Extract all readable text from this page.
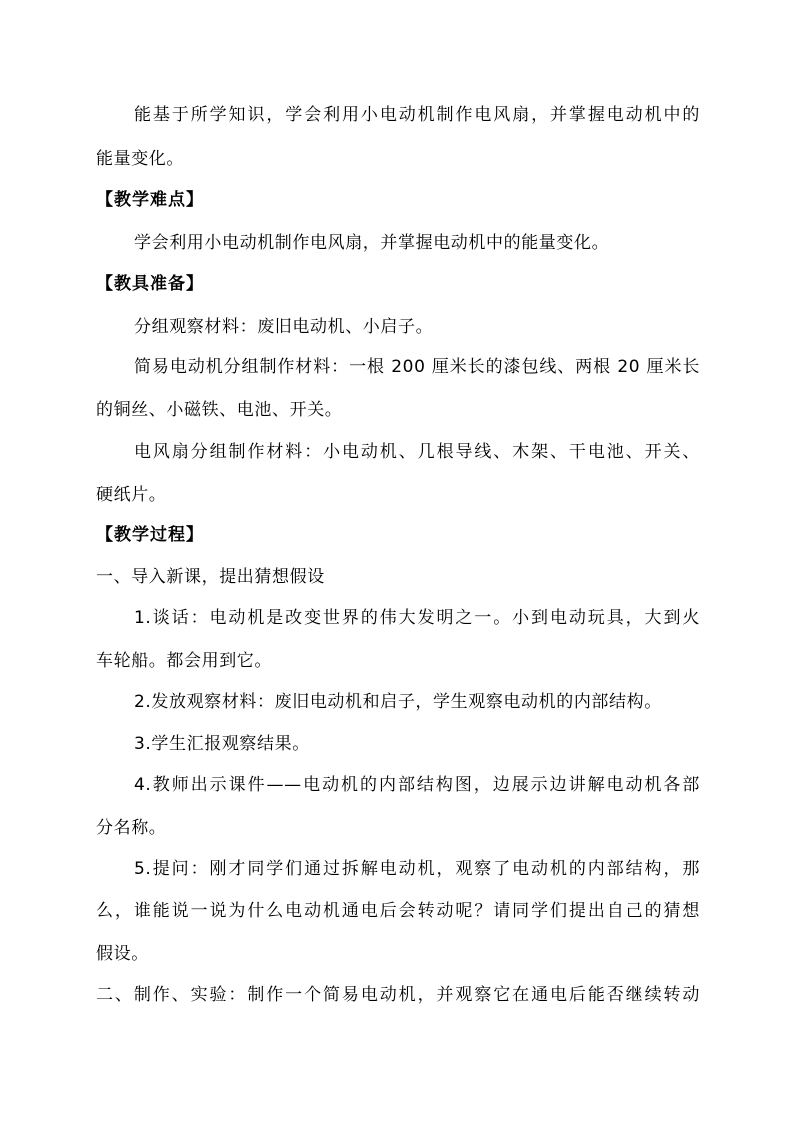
能基于所学知识，学会利用小电动机制作电风扇，并掌握电动机中的
能量变化。
【教学难点】
学会利用小电动机制作电风扇，并掌握电动机中的能量变化。
【教具准备】
分组观察材料：废旧电动机、小启子。
简易电动机分组制作材料：一根 200 厘米长的漆包线、两根 20 厘米长
的铜丝、小磁铁、电池、开关。
电风扇分组制作材料：小电动机、几根导线、木架、干电池、开关、
硬纸片。
【教学过程】
一、导入新课，提出猜想假设
1.谈话：电动机是改变世界的伟大发明之一。小到电动玩具，大到火
车轮船。都会用到它。
2.发放观察材料：废旧电动机和启子，学生观察电动机的内部结构。
3.学生汇报观察结果。
4.教师出示课件——电动机的内部结构图，边展示边讲解电动机各部
分名称。
5.提问：刚才同学们通过拆解电动机，观察了电动机的内部结构，那
么，谁能说一说为什么电动机通电后会转动呢？请同学们提出自己的猜想
假设。
二、制作、实验：制作一个简易电动机，并观察它在通电后能否继续转动
